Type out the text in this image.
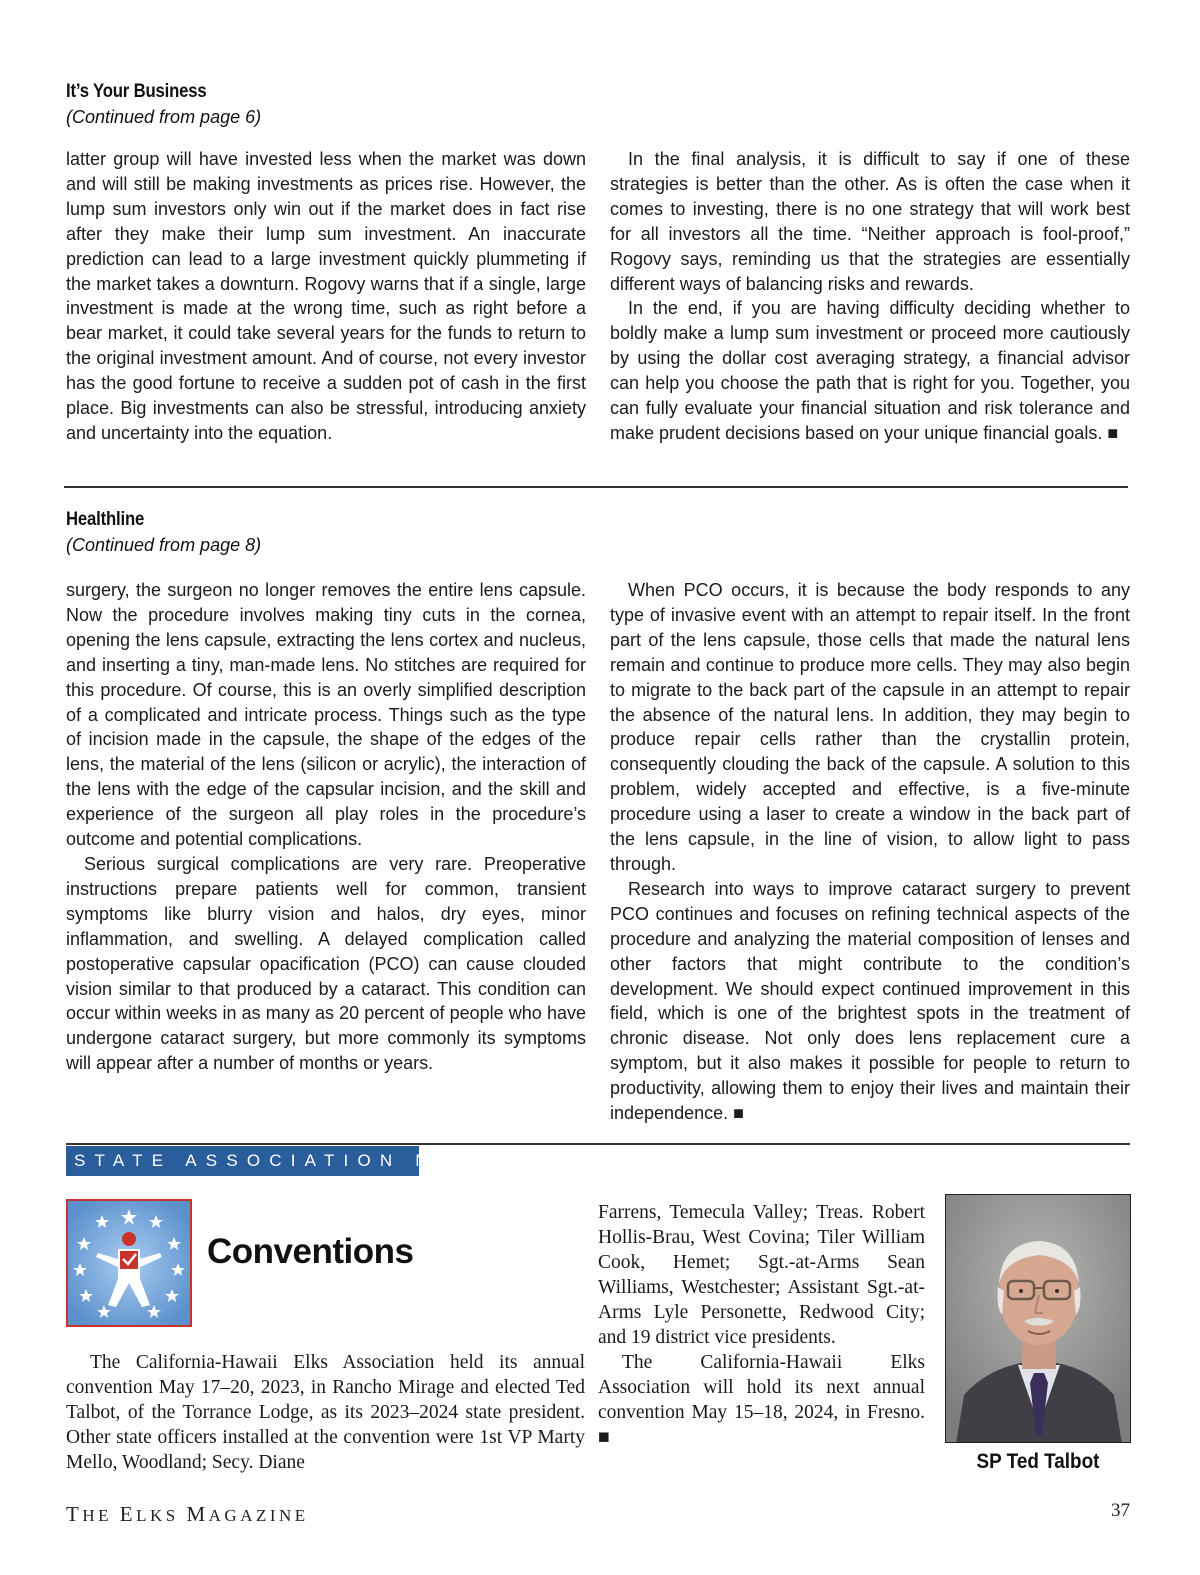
It’s Your Business
(Continued from page 6)

latter group will have invested less when the market was down and will still be making investments as prices rise. However, the lump sum investors only win out if the market does in fact rise after they make their lump sum investment. An inaccurate prediction can lead to a large investment quickly plummeting if the market takes a downturn. Rogovy warns that if a single, large investment is made at the wrong time, such as right before a bear market, it could take several years for the funds to return to the original investment amount. And of course, not every investor has the good fortune to receive a sudden pot of cash in the first place. Big investments can also be stressful, introducing anxiety and uncertainty into the equation.

In the final analysis, it is difficult to say if one of these strategies is better than the other. As is often the case when it comes to investing, there is no one strategy that will work best for all investors all the time. “Neither approach is fool-proof,” Rogovy says, reminding us that the strategies are essentially different ways of balancing risks and rewards.

In the end, if you are having difficulty deciding whether to boldly make a lump sum investment or proceed more cautiously by using the dollar cost averaging strategy, a financial advisor can help you choose the path that is right for you. Together, you can fully evaluate your financial situation and risk tolerance and make prudent decisions based on your unique financial goals. ■

Healthline
(Continued from page 8)

surgery, the surgeon no longer removes the entire lens capsule. Now the procedure involves making tiny cuts in the cornea, opening the lens capsule, extracting the lens cortex and nucleus, and inserting a tiny, man-made lens. No stitches are required for this procedure. Of course, this is an overly simplified description of a complicated and intricate process. Things such as the type of incision made in the capsule, the shape of the edges of the lens, the material of the lens (silicon or acrylic), the interaction of the lens with the edge of the capsular incision, and the skill and experience of the surgeon all play roles in the procedure’s outcome and potential complications.

Serious surgical complications are very rare. Preoperative instructions prepare patients well for common, transient symptoms like blurry vision and halos, dry eyes, minor inflammation, and swelling. A delayed complication called postoperative capsular opacification (PCO) can cause clouded vision similar to that produced by a cataract. This condition can occur within weeks in as many as 20 percent of people who have undergone cataract surgery, but more commonly its symptoms will appear after a number of months or years.

When PCO occurs, it is because the body responds to any type of invasive event with an attempt to repair itself. In the front part of the lens capsule, those cells that made the natural lens remain and continue to produce more cells. They may also begin to migrate to the back part of the capsule in an attempt to repair the absence of the natural lens. In addition, they may begin to produce repair cells rather than the crystallin protein, consequently clouding the back of the capsule. A solution to this problem, widely accepted and effective, is a five-minute procedure using a laser to create a window in the back part of the lens capsule, in the line of vision, to allow light to pass through.

Research into ways to improve cataract surgery to prevent PCO continues and focuses on refining technical aspects of the procedure and analyzing the material composition of lenses and other factors that might contribute to the condition’s development. We should expect continued improvement in this field, which is one of the brightest spots in the treatment of chronic disease. Not only does lens replacement cure a symptom, but it also makes it possible for people to return to productivity, allowing them to enjoy their lives and maintain their independence. ■

STATE ASSOCIATION NEWS
Conventions

The California-Hawaii Elks Association held its annual convention May 17–20, 2023, in Rancho Mirage and elected Ted Talbot, of the Torrance Lodge, as its 2023–2024 state president. Other state officers installed at the convention were 1st VP Marty Mello, Woodland; Secy. Diane

Farrens, Temecula Valley; Treas. Robert Hollis-Brau, West Covina; Tiler William Cook, Hemet; Sgt.-at-Arms Sean Williams, Westchester; Assistant Sgt.-at-Arms Lyle Personette, Redwood City; and 19 district vice presidents.

The California-Hawaii Elks Association will hold its next annual convention May 15–18, 2024, in Fresno. ■

SP Ted Talbot
THE ELKS MAGAZINE	37
